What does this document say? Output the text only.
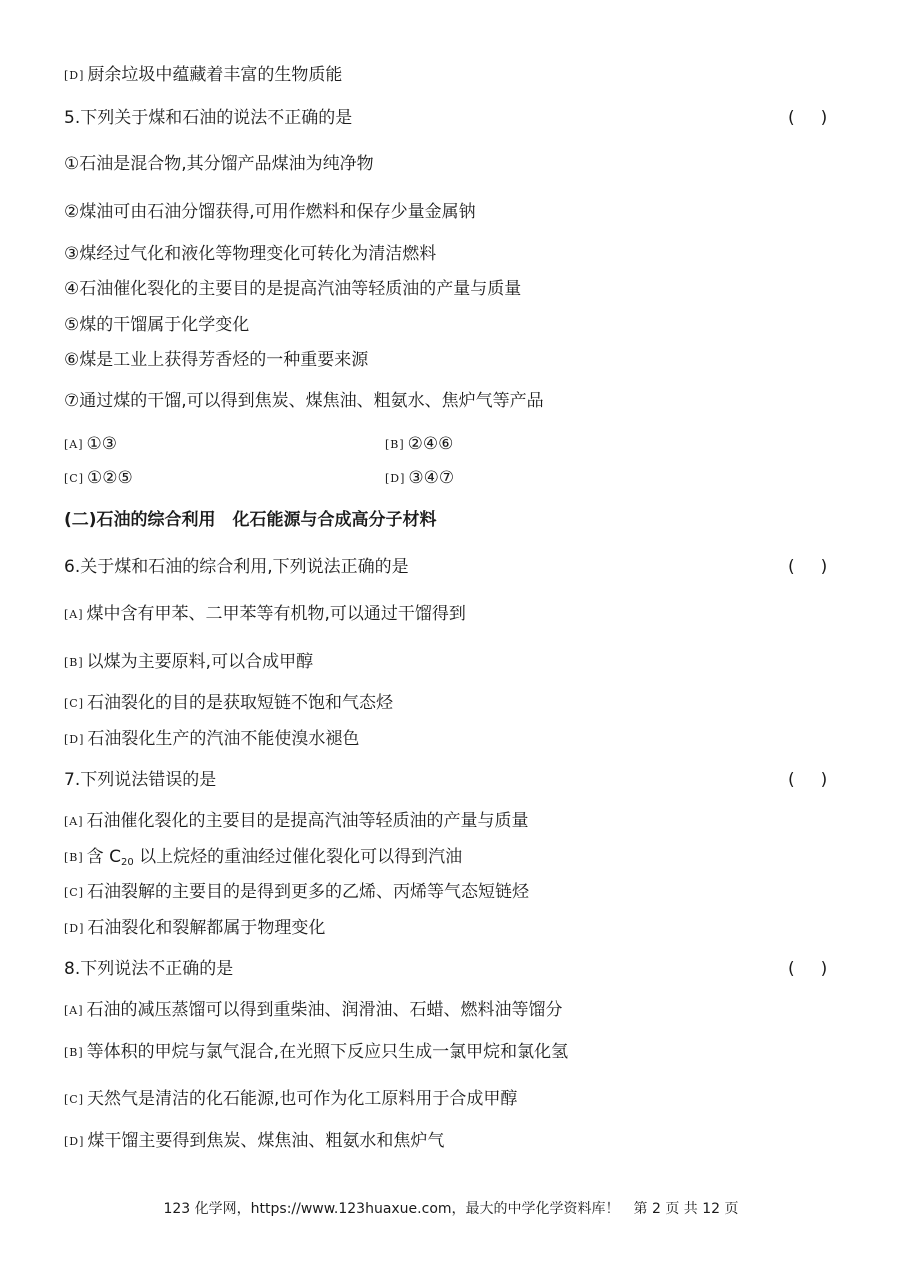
[D] 厨余垃圾中蕴藏着丰富的生物质能
5.下列关于煤和石油的说法不正确的是	( )
①石油是混合物,其分馏产品煤油为纯净物
②煤油可由石油分馏获得,可用作燃料和保存少量金属钠
③煤经过气化和液化等物理变化可转化为清洁燃料
④石油催化裂化的主要目的是提高汽油等轻质油的产量与质量
⑤煤的干馏属于化学变化
⑥煤是工业上获得芳香烃的一种重要来源
⑦通过煤的干馏,可以得到焦炭、煤焦油、粗氨水、焦炉气等产品
[A] ①③	[B] ②④⑥
[C] ①②⑤	[D] ③④⑦
(二)石油的综合利用　化石能源与合成高分子材料
6.关于煤和石油的综合利用,下列说法正确的是	( )
[A] 煤中含有甲苯、二甲苯等有机物,可以通过干馏得到
[B] 以煤为主要原料,可以合成甲醇
[C] 石油裂化的目的是获取短链不饱和气态烃
[D] 石油裂化生产的汽油不能使溴水褪色
7.下列说法错误的是	( )
[A] 石油催化裂化的主要目的是提高汽油等轻质油的产量与质量
[B] 含 $C_{20}$ 以上烷烃的重油经过催化裂化可以得到汽油
[C] 石油裂解的主要目的是得到更多的乙烯、丙烯等气态短链烃
[D] 石油裂化和裂解都属于物理变化
8.下列说法不正确的是	( )
[A] 石油的减压蒸馏可以得到重柴油、润滑油、石蜡、燃料油等馏分
[B] 等体积的甲烷与氯气混合,在光照下反应只生成一氯甲烷和氯化氢
[C] 天然气是清洁的化石能源,也可作为化工原料用于合成甲醇
[D] 煤干馏主要得到焦炭、煤焦油、粗氨水和焦炉气
123 化学网，https://www.123huaxue.com，最大的中学化学资料库！ 第 2 页 共 12 页
